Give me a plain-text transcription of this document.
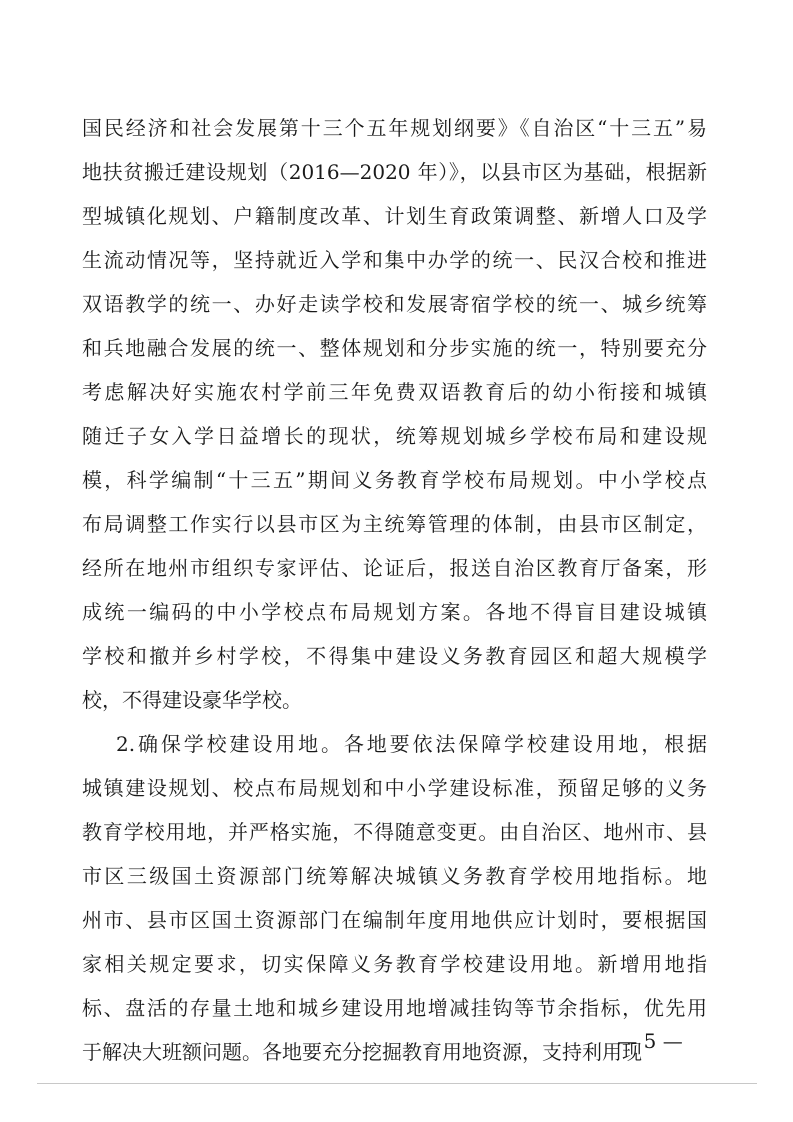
国民经济和社会发展第十三个五年规划纲要》《自治区“十三五”易
地扶贫搬迁建设规划（2016—2020 年）》，以县市区为基础，根据新
型城镇化规划、户籍制度改革、计划生育政策调整、新增人口及学
生流动情况等，坚持就近入学和集中办学的统一、民汉合校和推进
双语教学的统一、办好走读学校和发展寄宿学校的统一、城乡统筹
和兵地融合发展的统一、整体规划和分步实施的统一，特别要充分
考虑解决好实施农村学前三年免费双语教育后的幼小衔接和城镇
随迁子女入学日益增长的现状，统筹规划城乡学校布局和建设规
模，科学编制“十三五”期间义务教育学校布局规划。中小学校点
布局调整工作实行以县市区为主统筹管理的体制，由县市区制定，
经所在地州市组织专家评估、论证后，报送自治区教育厅备案，形
成统一编码的中小学校点布局规划方案。各地不得盲目建设城镇
学校和撤并乡村学校，不得集中建设义务教育园区和超大规模学
校，不得建设豪华学校。
2.确保学校建设用地。各地要依法保障学校建设用地，根据
城镇建设规划、校点布局规划和中小学建设标准，预留足够的义务
教育学校用地，并严格实施，不得随意变更。由自治区、地州市、县
市区三级国土资源部门统筹解决城镇义务教育学校用地指标。地
州市、县市区国土资源部门在编制年度用地供应计划时，要根据国
家相关规定要求，切实保障义务教育学校建设用地。新增用地指
标、盘活的存量土地和城乡建设用地增减挂钩等节余指标，优先用
于解决大班额问题。各地要充分挖掘教育用地资源，支持利用现
— 5 —
